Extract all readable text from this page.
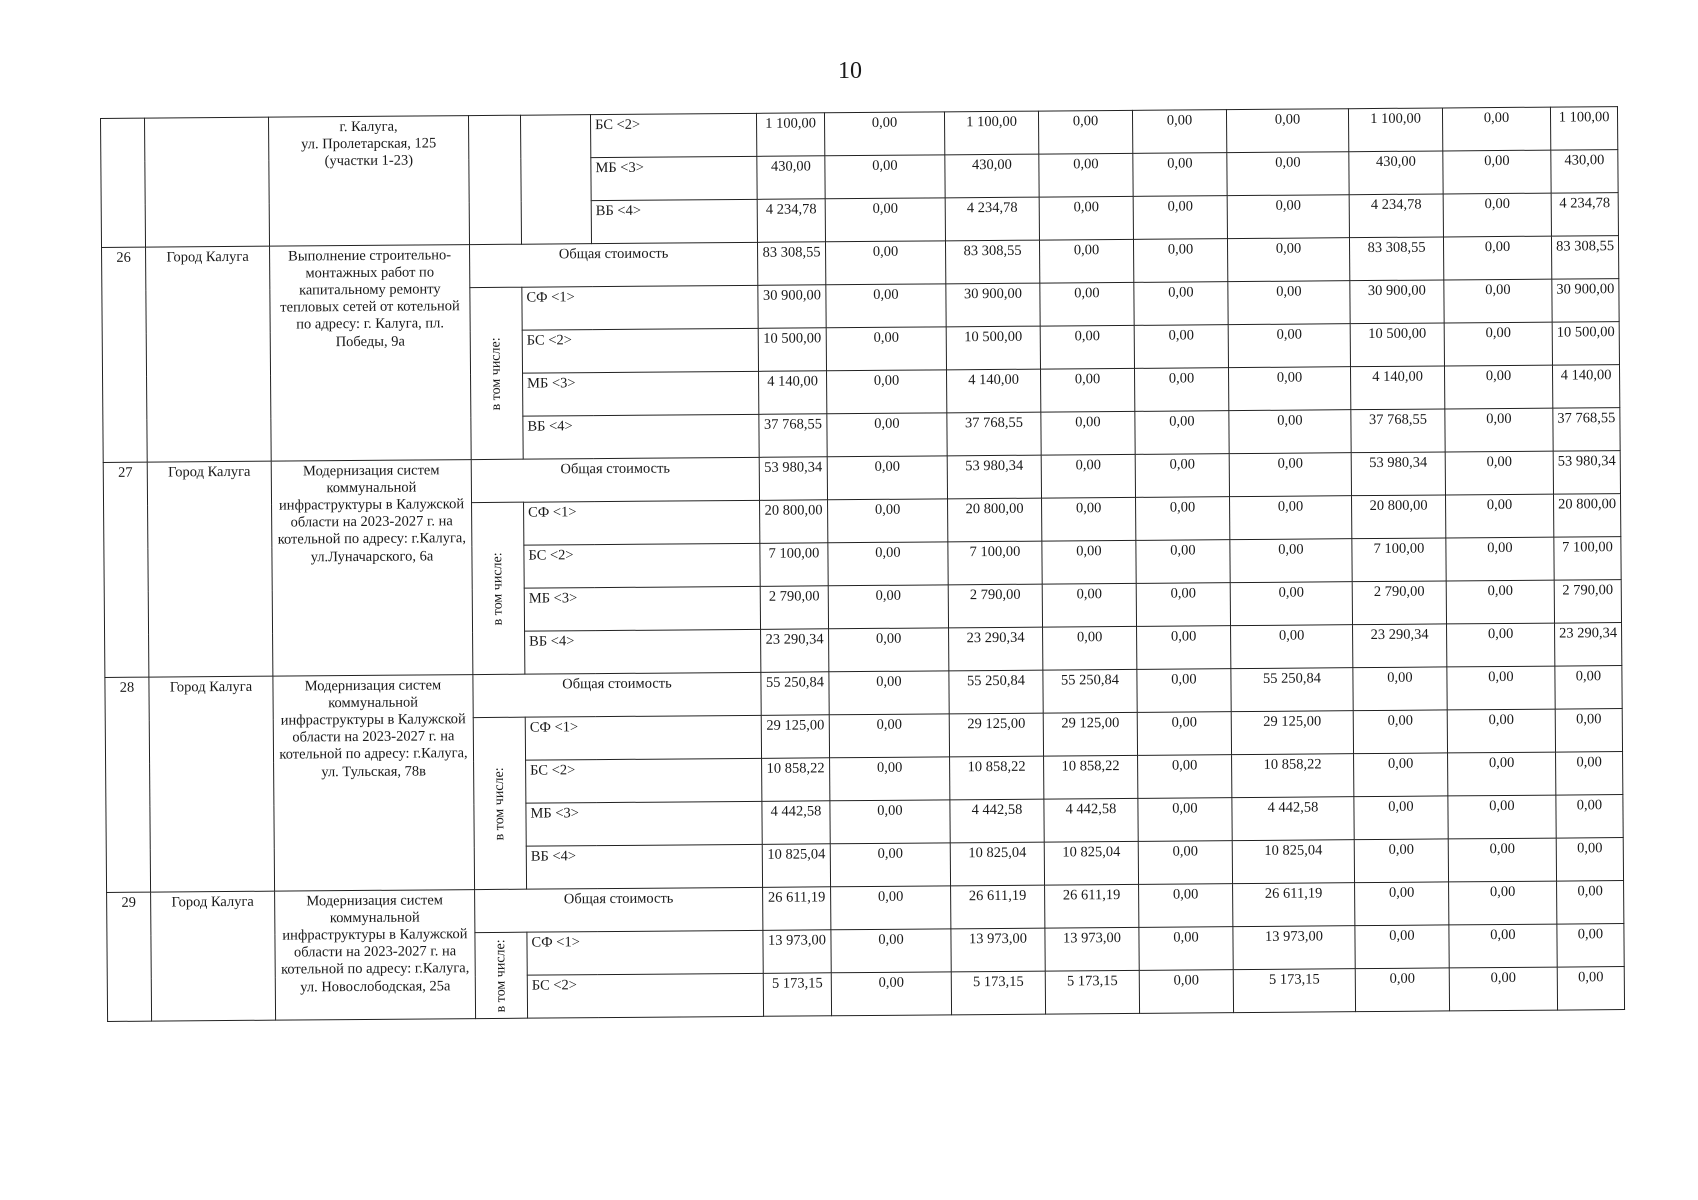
10
		г. Калуга,
ул. Пролетарская, 125
(участки 1-23)			БС <2>	1 100,00	0,00	1 100,00	0,00	0,00	0,00	1 100,00	0,00	1 100,00
					МБ <3>	430,00	0,00	430,00	0,00	0,00	0,00	430,00	0,00	430,00
					ВБ <4>	4 234,78	0,00	4 234,78	0,00	0,00	0,00	4 234,78	0,00	4 234,78
26	Город Калуга	Выполнение строительно-монтажных работ по капитальному ремонту тепловых сетей от котельной по адресу: г. Калуга, пл. Победы, 9а	Общая стоимость			83 308,55	0,00	83 308,55	0,00	0,00	0,00	83 308,55	0,00	83 308,55

			в том числе:	СФ <1>		30 900,00	0,00	30 900,00	0,00	0,00	0,00	30 900,00	0,00	30 900,00
				БС <2>		10 500,00	0,00	10 500,00	0,00	0,00	0,00	10 500,00	0,00	10 500,00
				МБ <3>		4 140,00	0,00	4 140,00	0,00	0,00	0,00	4 140,00	0,00	4 140,00
				ВБ <4>		37 768,55	0,00	37 768,55	0,00	0,00	0,00	37 768,55	0,00	37 768,55
27	Город Калуга	Модернизация систем коммунальной инфраструктуры в Калужской области на 2023-2027 г. на котельной по адресу: г.Калуга, ул.Луначарского, 6а	Общая стоимость			53 980,34	0,00	53 980,34	0,00	0,00	0,00	53 980,34	0,00	53 980,34

			в том числе:	СФ <1>		20 800,00	0,00	20 800,00	0,00	0,00	0,00	20 800,00	0,00	20 800,00
				БС <2>		7 100,00	0,00	7 100,00	0,00	0,00	0,00	7 100,00	0,00	7 100,00
				МБ <3>		2 790,00	0,00	2 790,00	0,00	0,00	0,00	2 790,00	0,00	2 790,00
				ВБ <4>		23 290,34	0,00	23 290,34	0,00	0,00	0,00	23 290,34	0,00	23 290,34
28	Город Калуга	Модернизация систем коммунальной инфраструктуры в Калужской области на 2023-2027 г. на котельной по адресу: г.Калуга, ул. Тульская, 78в	Общая стоимость			55 250,84	0,00	55 250,84	55 250,84	0,00	55 250,84	0,00	0,00	0,00

			в том числе:	СФ <1>		29 125,00	0,00	29 125,00	29 125,00	0,00	29 125,00	0,00	0,00	0,00
				БС <2>		10 858,22	0,00	10 858,22	10 858,22	0,00	10 858,22	0,00	0,00	0,00
				МБ <3>		4 442,58	0,00	4 442,58	4 442,58	0,00	4 442,58	0,00	0,00	0,00
				ВБ <4>		10 825,04	0,00	10 825,04	10 825,04	0,00	10 825,04	0,00	0,00	0,00
29	Город Калуга	Модернизация систем коммунальной инфраструктуры в Калужской области на 2023-2027 г. на котельной по адресу: г.Калуга, ул. Новослободская, 25а	Общая стоимость			26 611,19	0,00	26 611,19	26 611,19	0,00	26 611,19	0,00	0,00	0,00

			в том числе:	СФ <1>		13 973,00	0,00	13 973,00	13 973,00	0,00	13 973,00	0,00	0,00	0,00
				БС <2>		5 173,15	0,00	5 173,15	5 173,15	0,00	5 173,15	0,00	0,00	0,00
